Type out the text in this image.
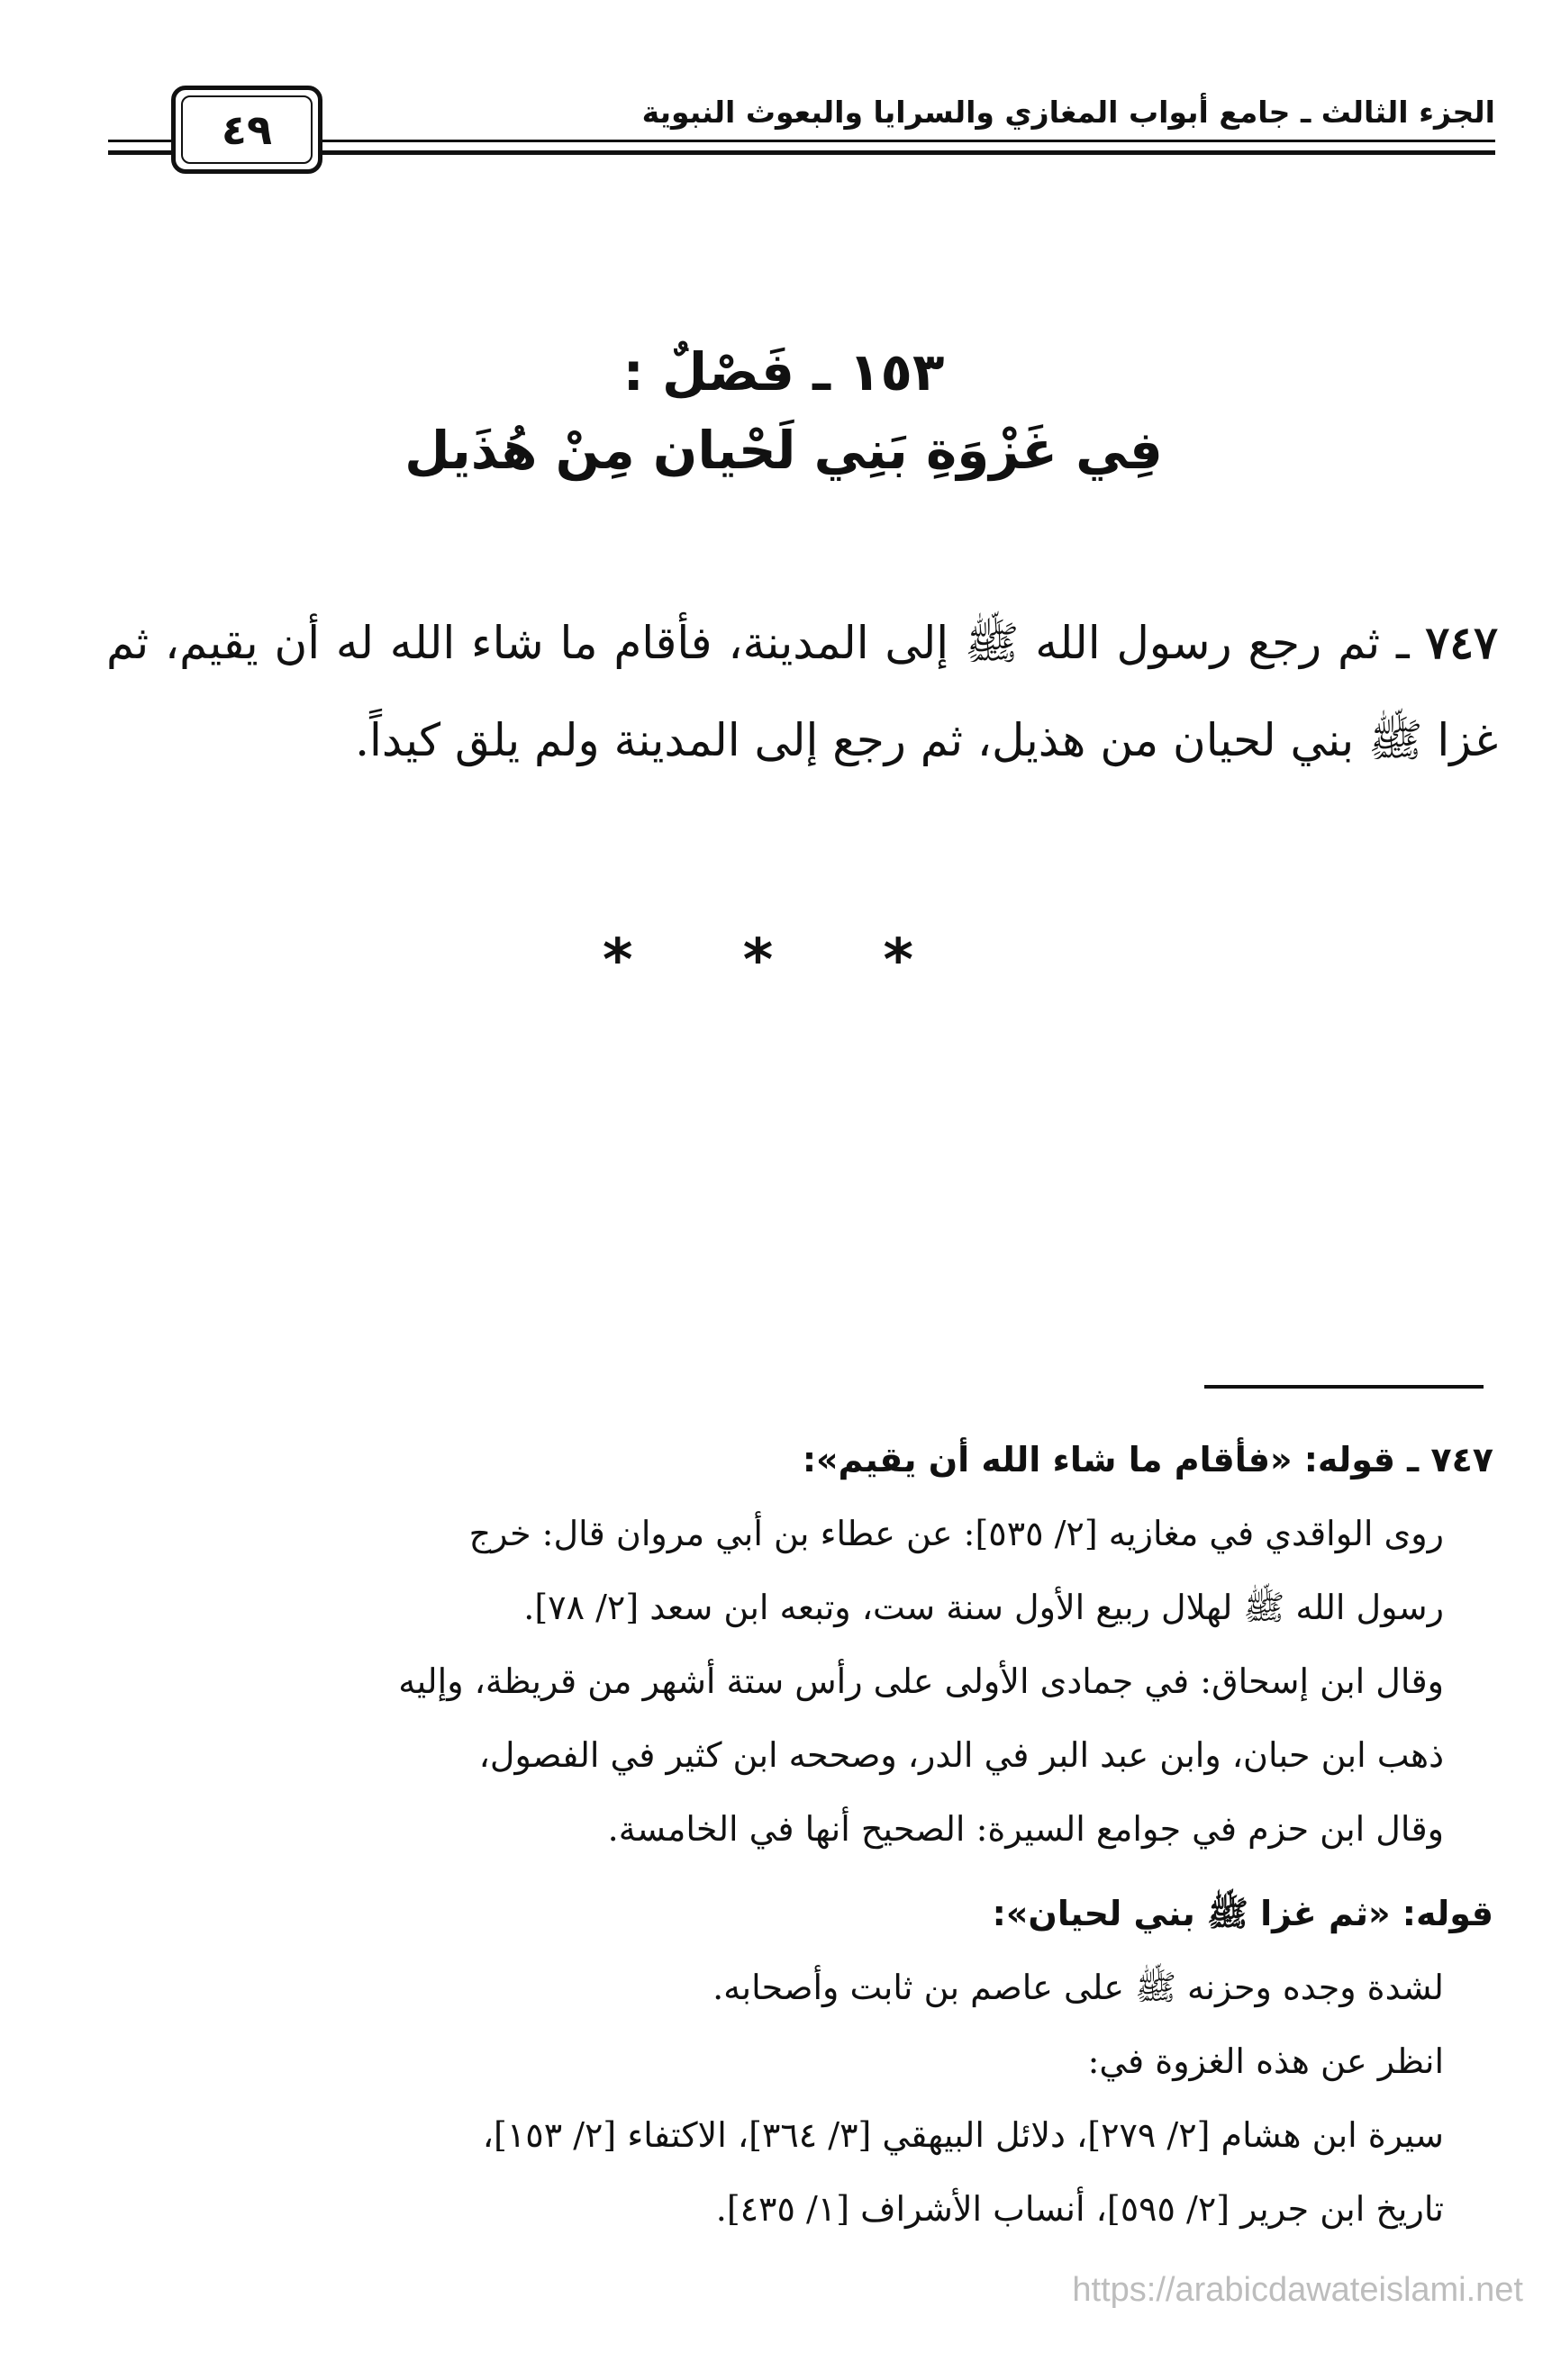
الجزء الثالث ـ جامع أبواب المغازي والسرايا والبعوث النبوية
٤٩
١٥٣ ـ فَصْلٌ :
فِي غَزْوَةِ بَنِي لَحْيان مِنْ هُذَيل
٧٤٧ ـ ثم رجع رسول الله ﷺ إلى المدينة، فأقام ما شاء الله له أن يقيم، ثم غزا ﷺ بني لحيان من هذيل، ثم رجع إلى المدينة ولم يلق كيداً.
* * *
٧٤٧ ـ قوله: «فأقام ما شاء الله أن يقيم»:
روى الواقدي في مغازيه [٢/ ٥٣٥]: عن عطاء بن أبي مروان قال: خرج
رسول الله ﷺ لهلال ربيع الأول سنة ست، وتبعه ابن سعد [٢/ ٧٨].
وقال ابن إسحاق: في جمادى الأولى على رأس ستة أشهر من قريظة، وإليه
ذهب ابن حبان، وابن عبد البر في الدر، وصححه ابن كثير في الفصول،
وقال ابن حزم في جوامع السيرة: الصحيح أنها في الخامسة.
قوله: «ثم غزا ﷺ بني لحيان»:
لشدة وجده وحزنه ﷺ على عاصم بن ثابت وأصحابه.
انظر عن هذه الغزوة في:
سيرة ابن هشام [٢/ ٢٧٩]، دلائل البيهقي [٣/ ٣٦٤]، الاكتفاء [٢/ ١٥٣]،
تاريخ ابن جرير [٢/ ٥٩٥]، أنساب الأشراف [١/ ٤٣٥].
https://arabicdawateislami.net
